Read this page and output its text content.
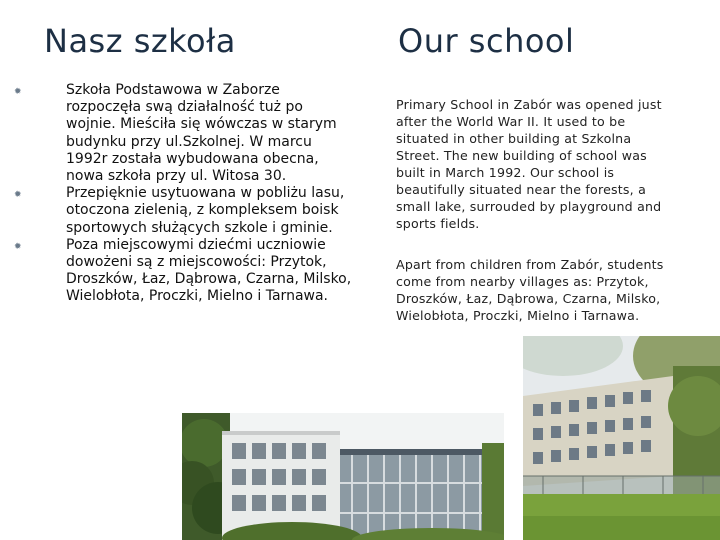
Nasz szkoła	Our school
✹	Szkoła Podstawowa w Zaborze rozpoczęła swą działalność tuż po wojnie. Mieściła się wówczas w starym budynku przy ul.Szkolnej. W marcu 1992r została wybudowana obecna, nowa szkoła przy ul. Witosa 30.
✹	Przepięknie usytuowana w pobliżu lasu, otoczona zielenią, z kompleksem boisk sportowych służących szkole i gminie.
✹	Poza miejscowymi dziećmi uczniowie dowożeni są z miejscowości: Przytok, Droszków, Łaz, Dąbrowa, Czarna, Milsko, Wielobłota, Proczki, Mielno i Tarnawa.

Primary School in Zabór was opened just after the World War II. It used to be situated in other building at Szkolna Street. The new building of school was built in March 1992. Our school is beautifully situated near the forests, a small lake, surrouded by playground and sports fields.

Apart from children from Zabór, students come from nearby villages as: Przytok, Droszków, Łaz, Dąbrowa, Czarna, Milsko, Wielobłota, Proczki, Mielno i Tarnawa.
